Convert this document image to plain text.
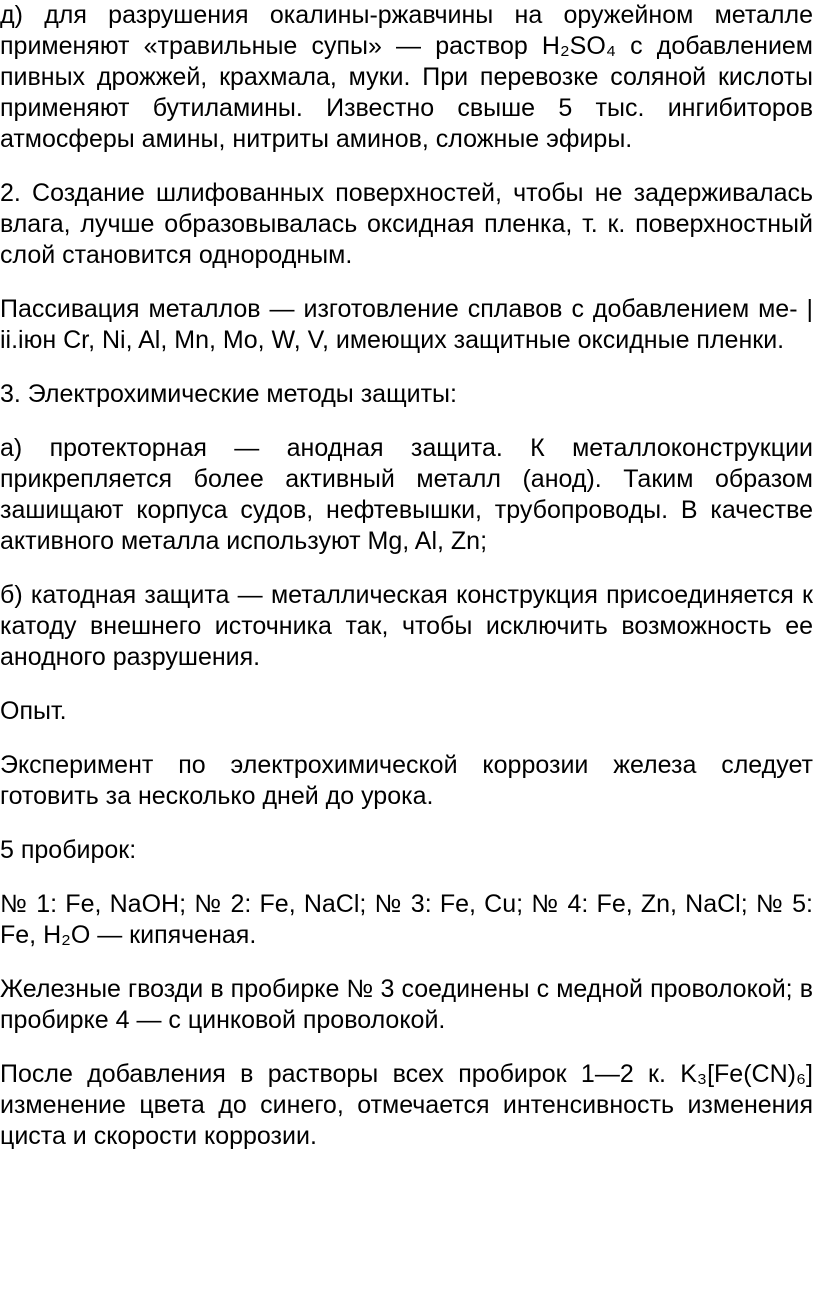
д) для разрушения окалины-ржавчины на оружейном металле применяют «травильные супы» — раствор H₂SO₄ с добавлением пивных дрожжей, крахмала, муки. При перевозке соляной кислоты применяют бутиламины. Известно свыше 5 тыс. ингибиторов атмосферы амины, нитриты аминов, сложные эфиры.

2. Создание шлифованных поверхностей, чтобы не задерживалась влага, лучше образовывалась оксидная пленка, т. к. поверхностный слой становится однородным.

Пассивация металлов — изготовление сплавов с добавлением ме- | ii.іюн Cr, Ni, Al, Mn, Mo, W, V, имеющих защитные оксидные пленки.

3. Электрохимические методы защиты:

а) протекторная — анодная защита. К металлоконструкции прикрепляется более активный металл (анод). Таким образом зашищают корпуса судов, нефтевышки, трубопроводы. В качестве активного металла используют Mg, Al, Zn;

б) катодная защита — металлическая конструкция присоединяется к катоду внешнего источника так, чтобы исключить возможность ее анодного разрушения.

Опыт.

Эксперимент по электрохимической коррозии железа следует готовить за несколько дней до урока.

5 пробирок:

№ 1: Fe, NaOH; № 2: Fe, NaCl; № 3: Fe, Cu; № 4: Fe, Zn, NaCl; № 5: Fe, H₂O — кипяченая.

Железные гвозди в пробирке № 3 соединены с медной проволокой; в пробирке 4 — с цинковой проволокой.

После добавления в растворы всех пробирок 1—2 к. K₃[Fe(CN)₆] изменение цвета до синего, отмечается интенсивность изменения циста и скорости коррозии.
